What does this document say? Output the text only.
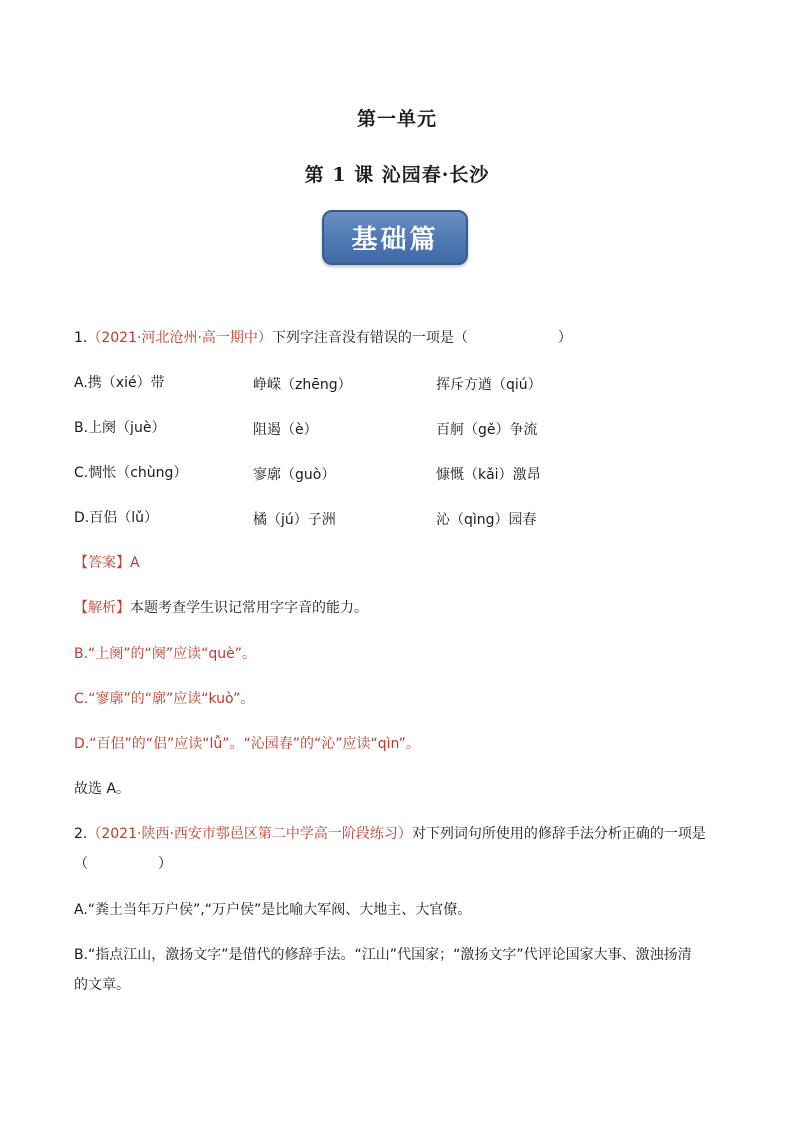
第一单元
第 1 课 沁园春·长沙
基础篇
1.（2021·河北沧州·高一期中）下列字注音没有错误的一项是（	）
A.携（xié）带	峥嵘（zhēng）	挥斥方遒（qiú）
B.上阕（juè）	阻遏（è）	百舸（gě）争流
C.惆怅（chùng）	寥廓（guò）	慷慨（kǎi）激昂
D.百侣（lǔ）	橘（jú）子洲	沁（qìng）园春
【答案】A
【解析】本题考查学生识记常用字字音的能力。
B.“上阕”的“阕”应读“què”。
C.“寥廓”的“廓”应读“kuò”。
D.“百侣”的“侣”应读“lǚ”。“沁园春”的“沁”应读“qìn”。
故选 A。
2.（2021·陕西·西安市鄠邑区第二中学高一阶段练习）对下列词句所使用的修辞手法分析正确的一项是
（	）
A.“粪土当年万户侯”,“万户侯”是比喻大军阀、大地主、大官僚。
B.“指点江山，激扬文字”是借代的修辞手法。“江山”代国家；“激扬文字”代评论国家大事、激浊扬清
的文章。
